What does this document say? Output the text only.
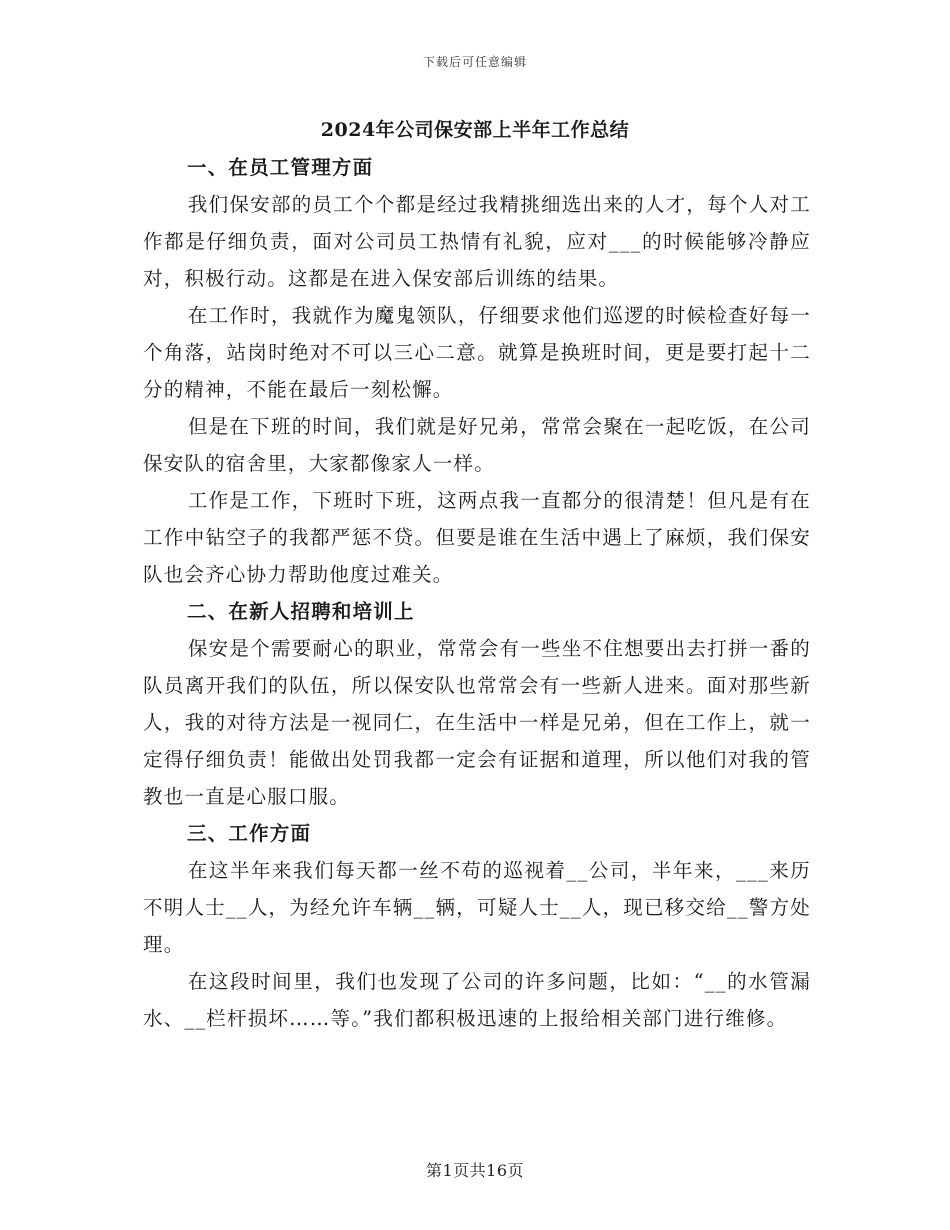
下载后可任意编辑
2024年公司保安部上半年工作总结

一、在员工管理方面

我们保安部的员工个个都是经过我精挑细选出来的人才，每个人对工作都是仔细负责，面对公司员工热情有礼貌，应对___的时候能够冷静应对，积极行动。这都是在进入保安部后训练的结果。

在工作时，我就作为魔鬼领队，仔细要求他们巡逻的时候检查好每一个角落，站岗时绝对不可以三心二意。就算是换班时间，更是要打起十二分的精神，不能在最后一刻松懈。

但是在下班的时间，我们就是好兄弟，常常会聚在一起吃饭，在公司保安队的宿舍里，大家都像家人一样。

工作是工作，下班时下班，这两点我一直都分的很清楚！但凡是有在工作中钻空子的我都严惩不贷。但要是谁在生活中遇上了麻烦，我们保安队也会齐心协力帮助他度过难关。

二、在新人招聘和培训上

保安是个需要耐心的职业，常常会有一些坐不住想要出去打拼一番的队员离开我们的队伍，所以保安队也常常会有一些新人进来。面对那些新人，我的对待方法是一视同仁，在生活中一样是兄弟，但在工作上，就一定得仔细负责！能做出处罚我都一定会有证据和道理，所以他们对我的管教也一直是心服口服。

三、工作方面

在这半年来我们每天都一丝不苟的巡视着__公司，半年来，___来历不明人士__人，为经允许车辆__辆，可疑人士__人，现已移交给__警方处理。

在这段时间里，我们也发现了公司的许多问题，比如：“__的水管漏水、__栏杆损坏……等。”我们都积极迅速的上报给相关部门进行维修。

第1页共16页
